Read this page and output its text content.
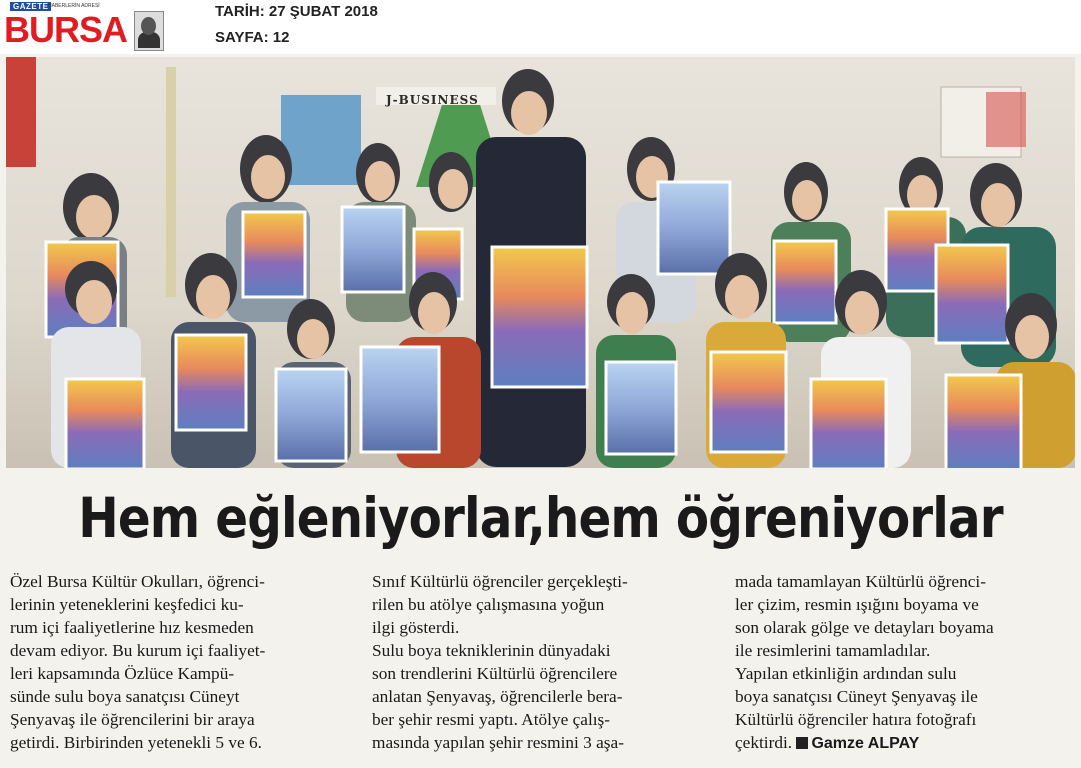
GAZETE HABERLERİN ADRESİ
BURSA	TARİH: 27 ŞUBAT 2018
SAYFA: 12
J-BUSINESS
Hem eğleniyorlar,hem öğreniyorlar
Özel Bursa Kültür Okulları, öğrenci-
lerinin yeteneklerini keşfedici ku-
rum içi faaliyetlerine hız kesmeden
devam ediyor. Bu kurum içi faaliyet-
leri kapsamında Özlüce Kampü-
sünde sulu boya sanatçısı Cüneyt
Şenyavaş ile öğrencilerini bir araya
getirdi. Birbirinden yetenekli 5 ve 6.
Sınıf Kültürlü öğrenciler gerçekleşti-
rilen bu atölye çalışmasına yoğun
ilgi gösterdi.
Sulu boya tekniklerinin dünyadaki
son trendlerini Kültürlü öğrencilere
anlatan Şenyavaş, öğrencilerle bera-
ber şehir resmi yaptı. Atölye çalış-
masında yapılan şehir resmini 3 aşa-
mada tamamlayan Kültürlü öğrenci-
ler çizim, resmin ışığını boyama ve
son olarak gölge ve detayları boyama
ile resimlerini tamamladılar.
Yapılan etkinliğin ardından sulu
boya sanatçısı Cüneyt Şenyavaş ile
Kültürlü öğrenciler hatıra fotoğrafı
çektirdi. Gamze ALPAY
